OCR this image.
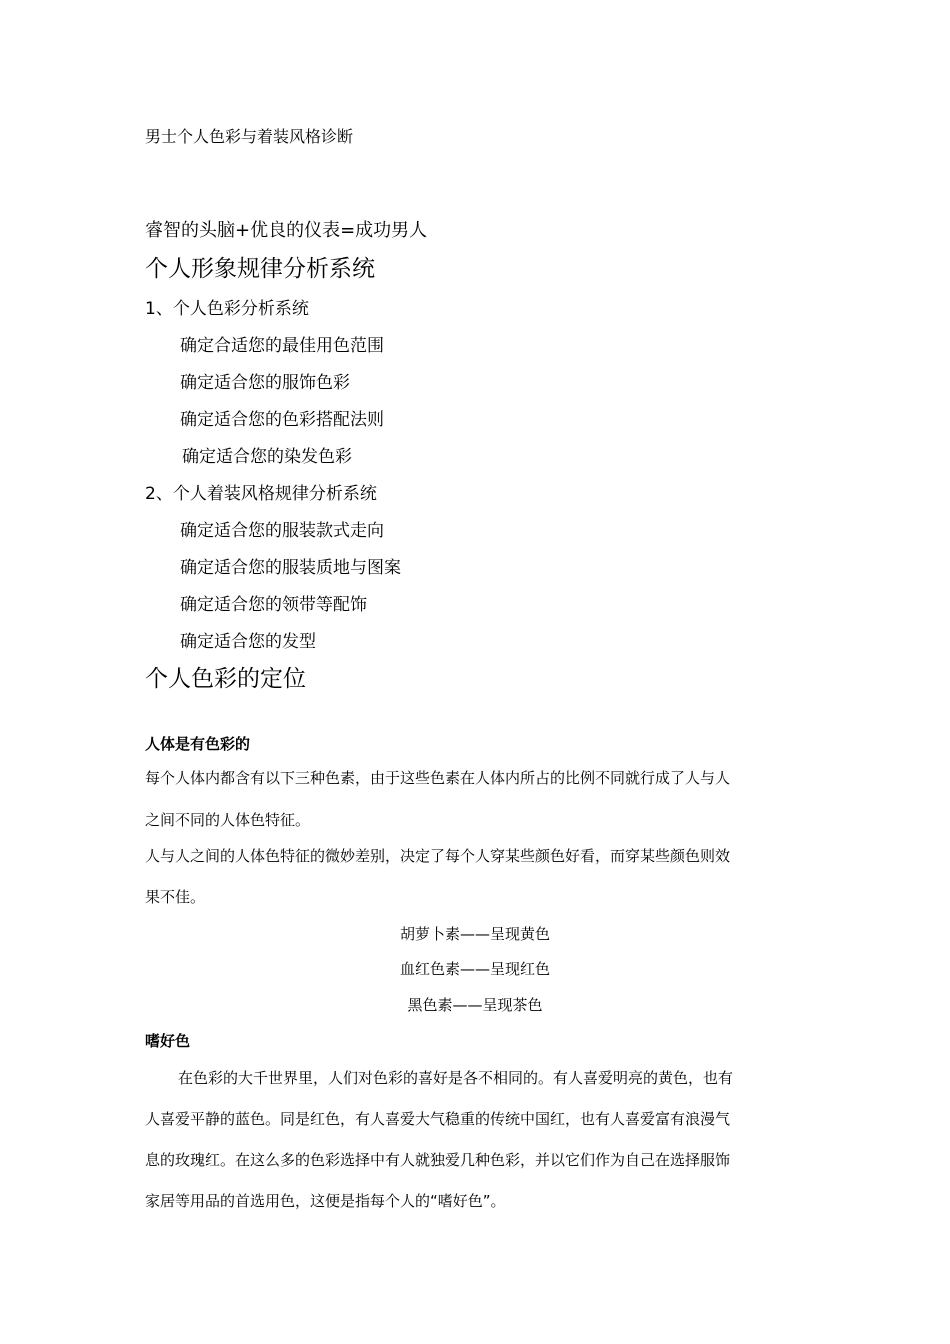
男士个人色彩与着装风格诊断
睿智的头脑+优良的仪表=成功男人
个人形象规律分析系统
1、个人色彩分析系统
确定合适您的最佳用色范围
确定适合您的服饰色彩
确定适合您的色彩搭配法则
确定适合您的染发色彩
2、个人着装风格规律分析系统
确定适合您的服装款式走向
确定适合您的服装质地与图案
确定适合您的领带等配饰
确定适合您的发型
个人色彩的定位
人体是有色彩的
每个人体内都含有以下三种色素，由于这些色素在人体内所占的比例不同就行成了人与人
之间不同的人体色特征。
人与人之间的人体色特征的微妙差别，决定了每个人穿某些颜色好看，而穿某些颜色则效
果不佳。
胡萝卜素——呈现黄色
血红色素——呈现红色
黑色素——呈现茶色
嗜好色
在色彩的大千世界里，人们对色彩的喜好是各不相同的。有人喜爱明亮的黄色，也有
人喜爱平静的蓝色。同是红色，有人喜爱大气稳重的传统中国红，也有人喜爱富有浪漫气
息的玫瑰红。在这么多的色彩选择中有人就独爱几种色彩，并以它们作为自己在选择服饰
家居等用品的首选用色，这便是指每个人的“嗜好色”。
